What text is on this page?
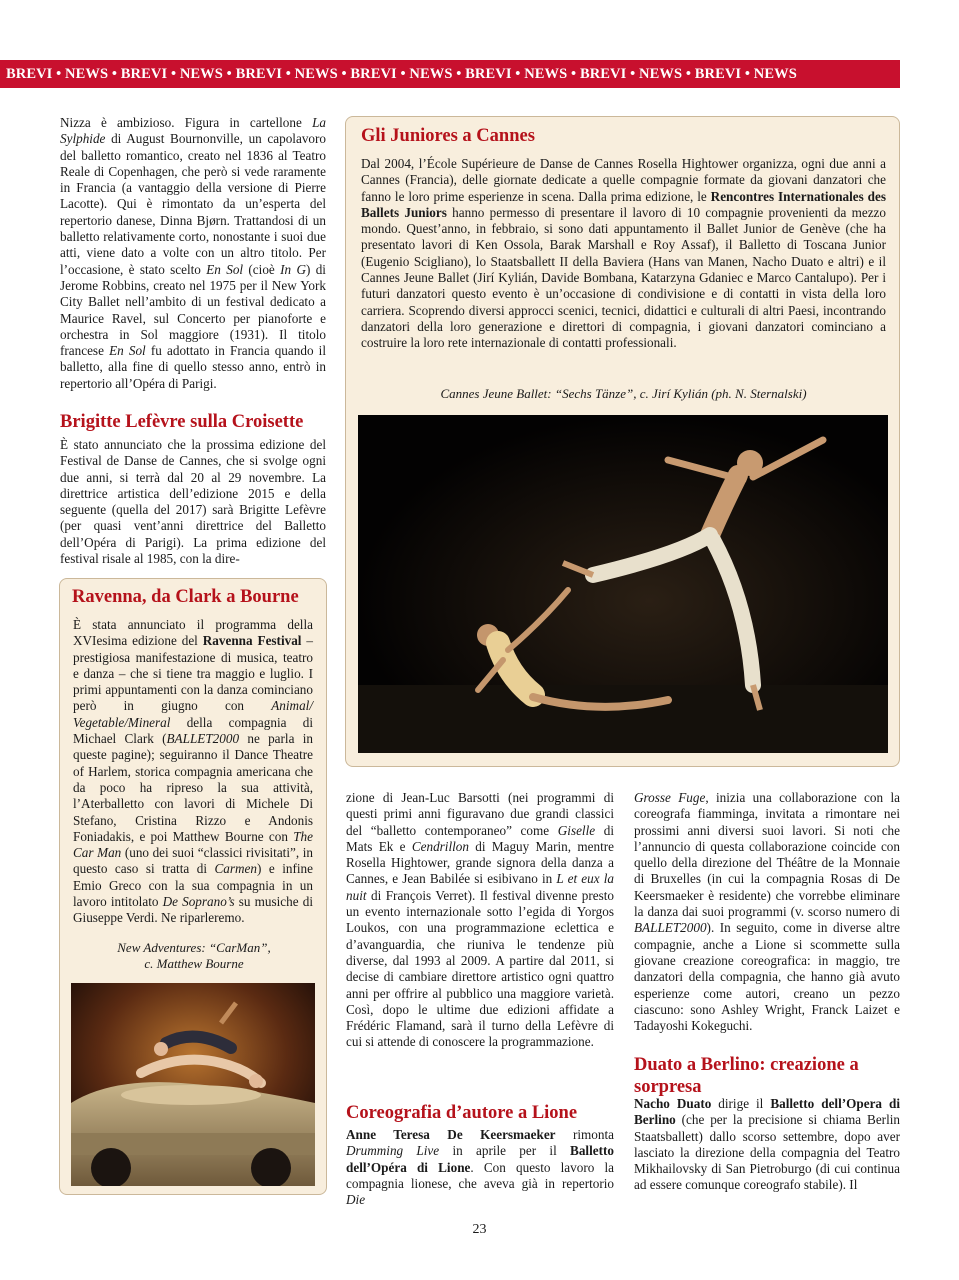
BREVI • NEWS • BREVI • NEWS • BREVI • NEWS • BREVI • NEWS • BREVI • NEWS • BREVI • NEWS • BREVI • NEWS

Nizza è ambizioso. Figura in cartellone La Sylphide di August Bournonville, un capolavoro del balletto romantico, creato nel 1836 al Teatro Reale di Copenhagen, che però si vede raramente in Francia (a vantaggio della versione di Pierre Lacotte). Qui è rimontato da un’esperta del repertorio danese, Dinna Bjørn. Trattandosi di un balletto relativamente corto, nonostante i suoi due atti, viene dato a volte con un altro titolo. Per l’occasione, è stato scelto En Sol (cioè In G) di Jerome Robbins, creato nel 1975 per il New York City Ballet nell’ambito di un festival dedicato a Maurice Ravel, sul Concerto per pianoforte e orchestra in Sol maggiore (1931). Il titolo francese En Sol fu adottato in Francia quando il balletto, alla fine di quello stesso anno, entrò in repertorio all’Opéra di Parigi.

Brigitte Lefèvre sulla Croisette

È stato annunciato che la prossima edizione del Festival de Danse de Cannes, che si svolge ogni due anni, si terrà dal 20 al 29 novembre. La direttrice artistica dell’edizione 2015 e della seguente (quella del 2017) sarà Brigitte Lefèvre (per quasi vent’anni direttrice del Balletto dell’Opéra di Parigi). La prima edizione del festival risale al 1985, con la dire-

Ravenna, da Clark a Bourne

È stata annunciato il programma della XVIesima edizione del Ravenna Festival – prestigiosa manifestazione di musica, teatro e danza – che si tiene tra maggio e luglio. I primi appuntamenti con la danza cominciano però in giugno con Animal/ Vegetable/Mineral della compagnia di Michael Clark (BALLET2000 ne parla in queste pagine); seguiranno il Dance Theatre of Harlem, storica compagnia americana che da poco ha ripreso la sua attività, l’Aterballetto con lavori di Michele Di Stefano, Cristina Rizzo e Andonis Foniadakis, e poi Matthew Bourne con The Car Man (uno dei suoi “classici rivisitati”, in questo caso si tratta di Carmen) e infine Emio Greco con la sua compagnia in un lavoro intitolato De Soprano’s su musiche di Giuseppe Verdi. Ne riparleremo.

New Adventures: “CarMan”,
c. Matthew Bourne
Gli Juniores a Cannes

Dal 2004, l’École Supérieure de Danse de Cannes Rosella Hightower organizza, ogni due anni a Cannes (Francia), delle giornate dedicate a quelle compagnie formate da giovani danzatori che fanno le loro prime esperienze in scena. Dalla prima edizione, le Rencontres Internationales des Ballets Juniors hanno permesso di presentare il lavoro di 10 compagnie provenienti da mezzo mondo. Quest’anno, in febbraio, si sono dati appuntamento il Ballet Junior de Genève (che ha presentato lavori di Ken Ossola, Barak Marshall e Roy Assaf), il Balletto di Toscana Junior (Eugenio Scigliano), lo Staatsballett II della Baviera (Hans van Manen, Nacho Duato e altri) e il Cannes Jeune Ballet (Jirí Kylián, Davide Bombana, Katarzyna Gdaniec e Marco Cantalupo). Per i futuri danzatori questo evento è un’occasione di condivisione e di contatti in vista della loro carriera. Scoprendo diversi approcci scenici, tecnici, didattici e culturali di altri Paesi, incontrando danzatori della loro generazione e direttori di compagnia, i giovani danzatori cominciano a costruire la loro rete internazionale di contatti professionali.

Cannes Jeune Ballet: “Sechs Tänze”, c. Jirí Kylián (ph. N. Sternalski)

zione di Jean-Luc Barsotti (nei programmi di questi primi anni figuravano due grandi classici del “balletto contemporaneo” come Giselle di Mats Ek e Cendrillon di Maguy Marin, mentre Rosella Hightower, grande signora della danza a Cannes, e Jean Babilée si esibivano in L et eux la nuit di François Verret). Il festival divenne presto un evento internazionale sotto l’egida di Yorgos Loukos, con una programmazione eclettica e d’avanguardia, che riuniva le tendenze più diverse, dal 1993 al 2009. A partire dal 2011, si decise di cambiare direttore artistico ogni quattro anni per offrire al pubblico una maggiore varietà. Così, dopo le ultime due edizioni affidate a Frédéric Flamand, sarà il turno della Lefèvre di cui si attende di conoscere la programmazione.

Coreografia d’autore a Lione

Anne Teresa De Keersmaeker rimonta Drumming Live in aprile per il Balletto dell’Opéra di Lione. Con questo lavoro la compagnia lionese, che aveva già in repertorio Die

Grosse Fuge, inizia una collaborazione con la coreografa fiamminga, invitata a rimontare nei prossimi anni diversi suoi lavori. Si noti che l’annuncio di questa collaborazione coincide con quello della direzione del Théâtre de la Monnaie di Bruxelles (in cui la compagnia Rosas di De Keersmaeker è residente) che vorrebbe eliminare la danza dai suoi programmi (v. scorso numero di BALLET2000). In seguito, come in diverse altre compagnie, anche a Lione si scommette sulla giovane creazione coreografica: in maggio, tre danzatori della compagnia, che hanno già avuto esperienze come autori, creano un pezzo ciascuno: sono Ashley Wright, Franck Laizet e Tadayoshi Kokeguchi.

Duato a Berlino: creazione a sorpresa

Nacho Duato dirige il Balletto dell’Opera di Berlino (che per la precisione si chiama Berlin Staatsballett) dallo scorso settembre, dopo aver lasciato la direzione della compagnia del Teatro Mikhailovsky di San Pietroburgo (di cui continua ad essere comunque coreografo stabile). Il

23
